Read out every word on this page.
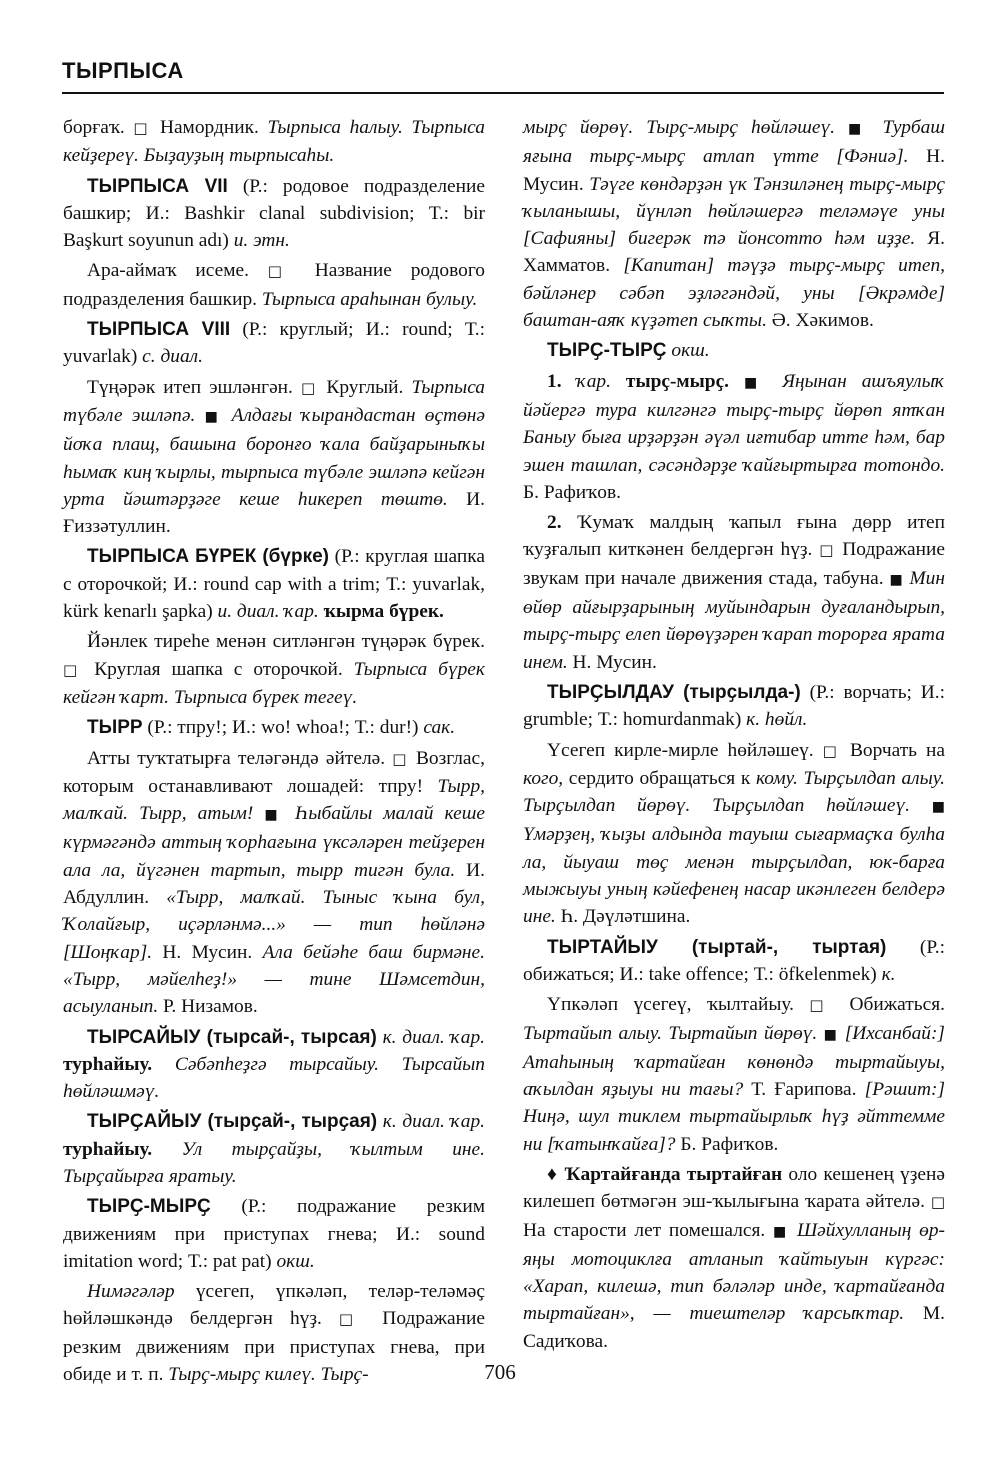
ТЫРПЫСА

борғаҡ. □ Намордник. Тырпыса һалыу. Тырпыса кейҙереү. Быҙауҙың тырпысаһы.

ТЫРПЫСА VII (Р.: родовое подразделение башкир; И.: Bashkir clanal subdivision; Т.: bir Başkurt soyunun adı) и. этн.

Ара-аймаҡ исеме. □ Название родового подразделения башкир. Тырпыса араһынан булыу.

ТЫРПЫСА VIII (Р.: круглый; И.: round; Т.: yuvarlak) с. диал.

Түңәрәк итеп эшләнгән. □ Круглый. Тырпыса түбәле эшләпә. ■ Алдағы ҡырандастан өҫтөнә йоҡа плащ, башына боронғо ҡала байҙарыныҡы һымаҡ киң ҡырлы, тырпыса түбәле эшләпә кейгән урта йәштәрҙәге кеше һикереп төштө. И. Ғиззәтуллин.

ТЫРПЫСА БҮРЕК (бүрке) (Р.: круглая шапка с оторочкой; И.: round cap with a trim; Т.: yuvarlak, kürk kenarlı şapka) и. диал. ҡар. ҡырма бүрек.

Йәнлек тиреһе менән ситләнгән түңәрәк бүрек. □ Круглая шапка с оторочкой. Тырпыса бүрек кейгән ҡарт. Тырпыса бүрек тегеү.

ТЫРР (Р.: тпру!; И.: wo! whoa!; Т.: dur!) сак.

Атты туҡтатырға теләгәндә әйтелә. □ Возглас, которым останавливают лошадей: тпру! Тырр, малҡай. Тырр, атым! ■ Һыбайлы малай кеше күрмәгәндә аттың ҡорһағына үксәләрен тейҙерен ала ла, йүгәнен тартып, тырр тигән була. И. Абдуллин. «Тырр, малҡай. Тыныс ҡына бул, Ҡолайғыр, иҫәрләнмә...» — тип һөйләнә [Шоңҡар]. Н. Мусин. Ала бейәһе баш бирмәне. «Тырр, мәйелһеҙ!» — тине Шәмсетдин, асыуланып. Р. Низамов.

ТЫРСАЙЫУ (тырсай-, тырсая) к. диал. ҡар. турһайыу. Сәбәпһеҙгә тырсайыу. Тырсайып һөйләшмәү.

ТЫРҪАЙЫУ (тырҫай-, тырҫая) к. диал. ҡар. турһайыу. Ул тырҫайҙы, ҡылтым ине. Тырҫайырға яратыу.

ТЫРҪ-МЫРҪ (Р.: подражание резким движениям при приступах гнева; И.: sound imitation word; Т.: pat pat) окш.

Нимәгәләр үсегеп, үпкәләп, теләр-теләмәҫ һөйләшкәндә белдергән һүҙ. □ Подражание резким движениям при приступах гнева, при обиде и т. п. Тырҫ-мырҫ килеү. Тырҫ-

мырҫ йөрөү. Тырҫ-мырҫ һөйләшеү. ■ Турбаш яғына тырҫ-мырҫ атлап үтте [Фәниә]. Н. Мусин. Тәүге көндәрҙән үк Тәнзиләнең тырҫ-мырҫ ҡыланышы, йүнләп һөйләшергә теләмәүе уны [Сафияны] бигерәк тә йонсотто һәм иҙҙе. Я. Хамматов. [Капитан] тәүҙә тырҫ-мырҫ итеп, бәйләнер сәбәп эҙләгәндәй, уны [Әкрәмде] баштан-аяҡ күҙәтеп сыҡты. Ә. Хәкимов.

ТЫРҪ-ТЫРҪ окш.

1. ҡар. тырҫ-мырҫ. ■ Яңынан ашъяулыҡ йәйергә тура килгәнгә тырҫ-тырҫ йөрөп ятҡан Баныу быға ирҙәрҙән әүәл иғтибар итте һәм, бар эшен ташлап, сәсәндәрҙе ҡайғыртырға тотондо. Б. Рафиҡов.

2. Ҡумаҡ малдың ҡапыл ғына дөрр итеп ҡуҙғалып киткәнен белдергән һүҙ. □ Подражание звукам при начале движения стада, табуна. ■ Мин өйөр айғырҙарының муйындарын дуғаландырып, тырҫ-тырҫ елеп йөрөүҙәрен ҡарап торорға ярата инем. Н. Мусин.

ТЫРҪЫЛДАУ (тырҫылда-) (Р.: ворчать; И.: grumble; Т.: homurdanmak) к. һөйл.

Үсегеп кирле-мирле һөйләшеү. □ Ворчать на кого, сердито обращаться к кому. Тырҫылдап алыу. Тырҫылдап йөрөү. Тырҫылдап һөйләшеү. ■ Үмәрҙең, ҡыҙы алдында тауыш сығармаҫҡа булһа ла, йыуаш төҫ менән тырҫылдап, юк-барға мыжыуы уның кәйефенең насар икәнлеген белдерә ине. Һ. Дәүләтшина.

ТЫРТАЙЫУ (тыртай-, тыртая) (Р.: обижаться; И.: take offence; Т.: öfkelenmek) к.

Үпкәләп үсегеү, ҡылтайыу. □ Обижаться. Тыртайып алыу. Тыртайып йөрөү. ■ [Ихсанбай:] Атаһының ҡартайған көнөндә тыртайыуы, аҡылдан яҙыуы ни тағы? Т. Ғарипова. [Рәшит:] Ниңә, шул тиклем тыртайырлыҡ һүҙ әйттемме ни [ҡатынҡайға]? Б. Рафиҡов.

♦ Ҡартайғанда тыртайған оло кешенең үҙенә килешеп бөтмәгән эш-ҡылығына ҡарата әйтелә. □ На старости лет помешался. ■ Шәйхулланың өр-яңы мотоциклға атланып ҡайтыуын күргәс: «Харап, килешә, тип бәләләр инде, ҡартайғанда тыртайған», — тиештеләр ҡарсыҡтар. М. Садиҡова.

706
